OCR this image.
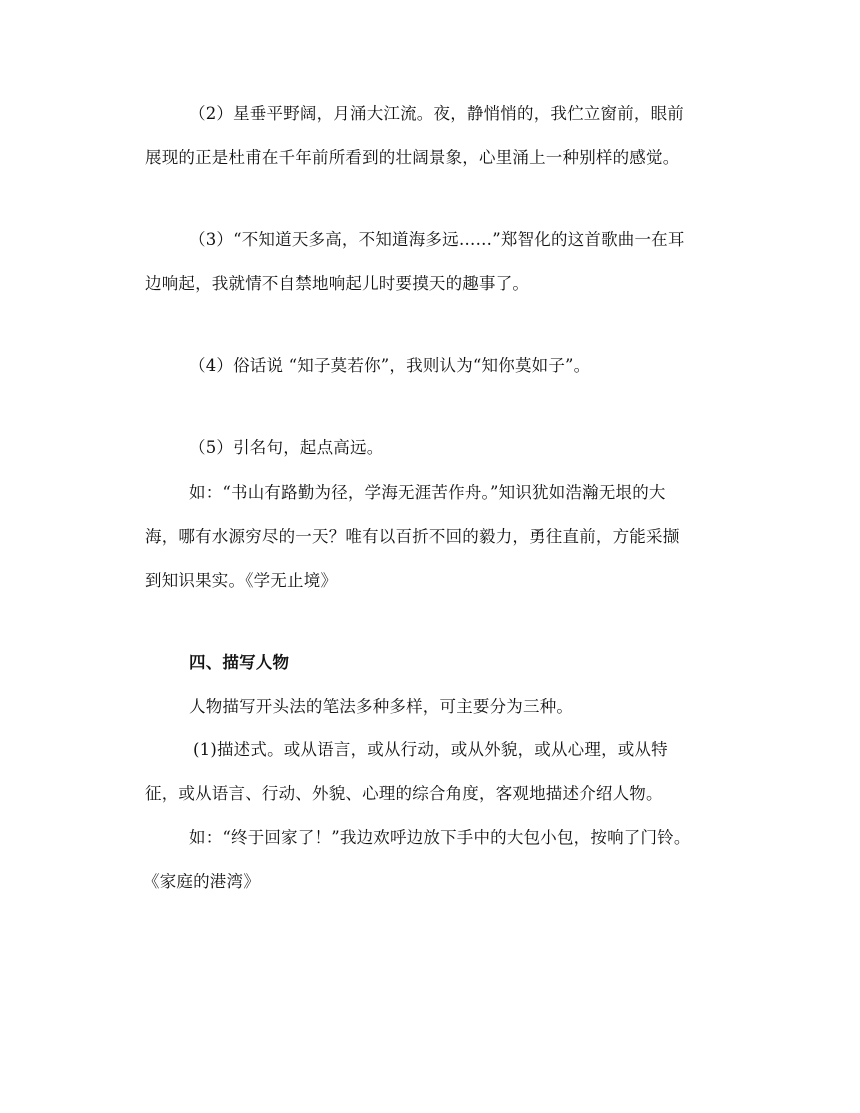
（2）星垂平野阔，月涌大江流。夜，静悄悄的，我伫立窗前，眼前
展现的正是杜甫在千年前所看到的壮阔景象，心里涌上一种别样的感觉。
（3）“不知道天多高，不知道海多远……”郑智化的这首歌曲一在耳
边响起，我就情不自禁地响起儿时要摸天的趣事了。
（4）俗话说 “知子莫若你”，我则认为“知你莫如子”。
（5）引名句，起点高远。
如：“书山有路勤为径，学海无涯苦作舟。”知识犹如浩瀚无垠的大
海，哪有水源穷尽的一天？唯有以百折不回的毅力，勇往直前，方能采撷
到知识果实。《学无止境》
四、描写人物
人物描写开头法的笔法多种多样，可主要分为三种。
(1)描述式。或从语言，或从行动，或从外貌，或从心理，或从特
征，或从语言、行动、外貌、心理的综合角度，客观地描述介绍人物。
如：“终于回家了！”我边欢呼边放下手中的大包小包，按响了门铃。
《家庭的港湾》
